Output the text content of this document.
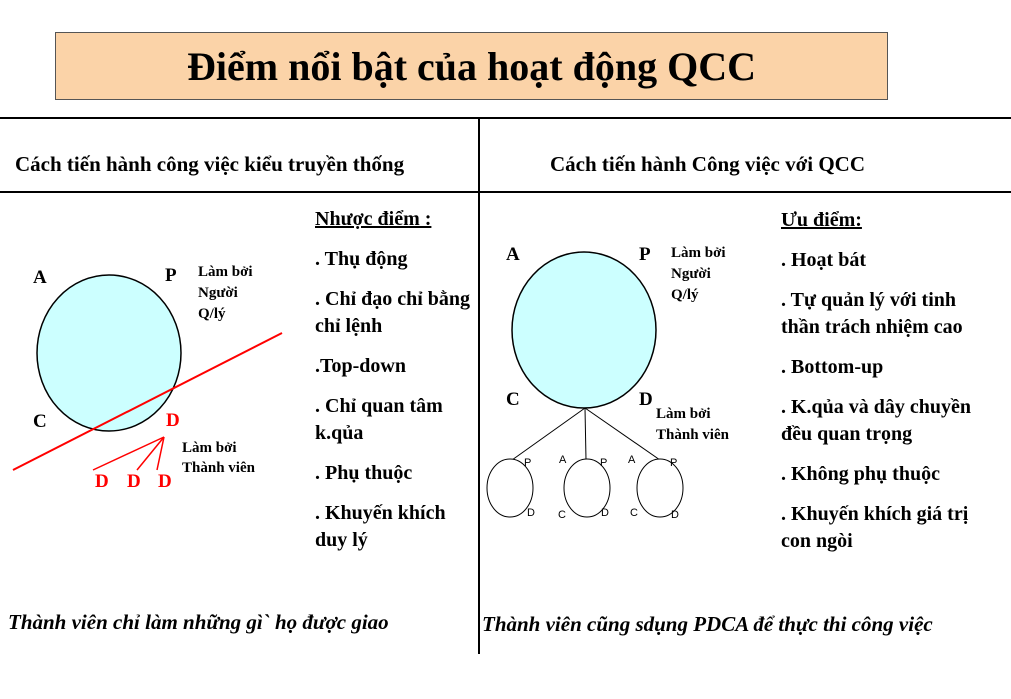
Điểm nổi bật của hoạt động QCC
Cách tiến hành công việc kiểu truyền thống	Cách tiến hành Công việc với QCC
Nhược điểm :
. Thụ động
. Chỉ đạo chỉ bằng chỉ lệnh
.Top-down
. Chỉ quan tâm k.qủa
. Phụ thuộc
. Khuyến khích duy lý
Ưu điểm:
. Hoạt bát
. Tự quản lý với tinh thần trách nhiệm cao
. Bottom-up
. K.qủa và dây chuyền đều quan trọng
. Không phụ thuộc
. Khuyến khích giá trị con ngòi
Thành viên chỉ làm những gì` họ được giao	Thành viên cũng sdụng PDCA để thực thi công việc
A	P
C	D
Làm bởi
Người
Q/lý
Làm bởi
Thành viên
D D D
A	P
C	D
Làm bởi
Người
Q/lý
Làm bởi
Thành viên
P
D
A	P
C	D
A	P
C	D
